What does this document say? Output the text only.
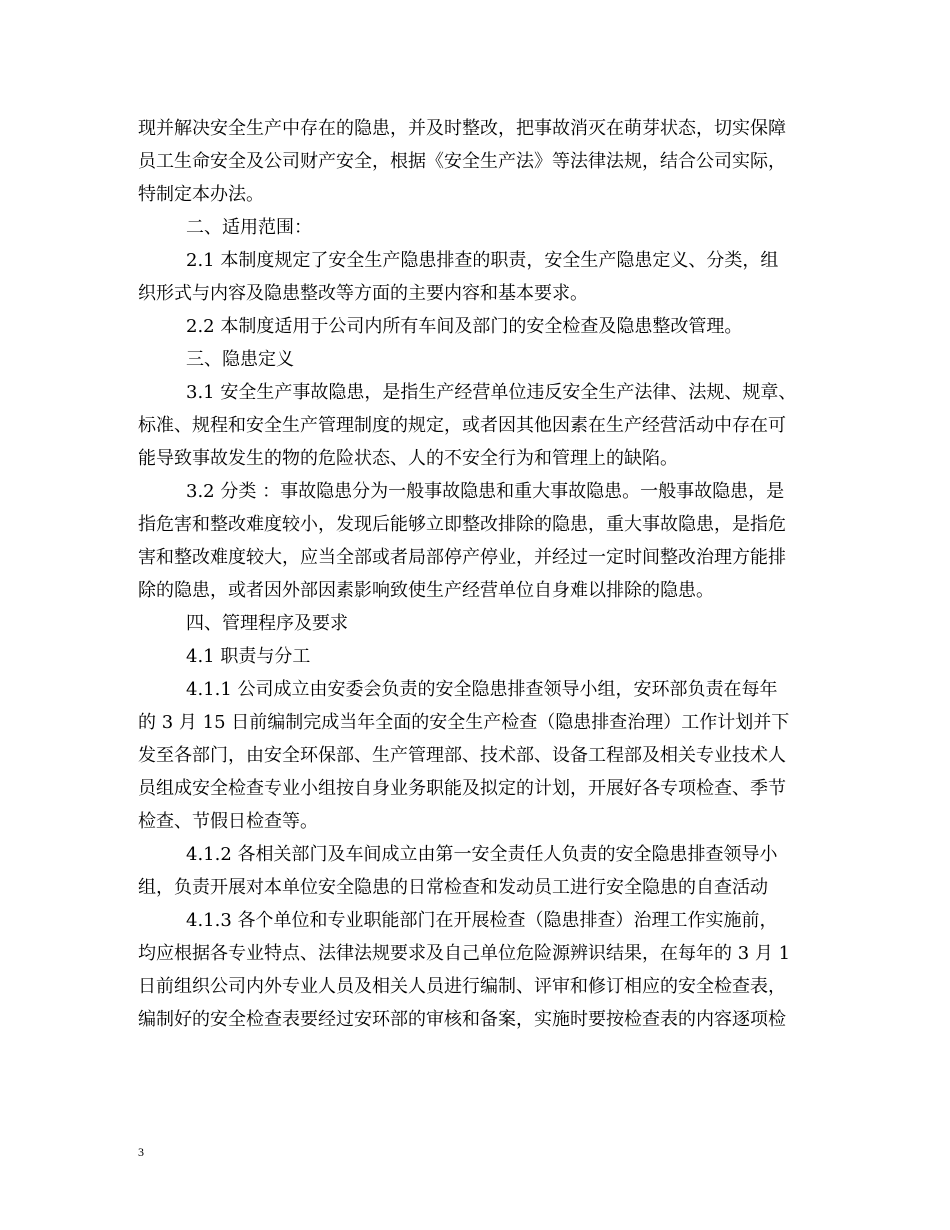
现并解决安全生产中存在的隐患，并及时整改，把事故消灭在萌芽状态，切实保障
员工生命安全及公司财产安全，根据《安全生产法》等法律法规，结合公司实际，
特制定本办法。
二、适用范围：
2.1 本制度规定了安全生产隐患排查的职责，安全生产隐患定义、分类，组
织形式与内容及隐患整改等方面的主要内容和基本要求。
2.2 本制度适用于公司内所有车间及部门的安全检查及隐患整改管理。
三、隐患定义
3.1 安全生产事故隐患，是指生产经营单位违反安全生产法律、法规、规章、
标准、规程和安全生产管理制度的规定，或者因其他因素在生产经营活动中存在可
能导致事故发生的物的危险状态、人的不安全行为和管理上的缺陷。
3.2 分类 ：事故隐患分为一般事故隐患和重大事故隐患。一般事故隐患，是
指危害和整改难度较小，发现后能够立即整改排除的隐患，重大事故隐患，是指危
害和整改难度较大，应当全部或者局部停产停业，并经过一定时间整改治理方能排
除的隐患，或者因外部因素影响致使生产经营单位自身难以排除的隐患。
四、管理程序及要求
4.1 职责与分工
4.1.1 公司成立由安委会负责的安全隐患排查领导小组，安环部负责在每年
的 3 月 15 日前编制完成当年全面的安全生产检查（隐患排查治理）工作计划并下
发至各部门，由安全环保部、生产管理部、技术部、设备工程部及相关专业技术人
员组成安全检查专业小组按自身业务职能及拟定的计划，开展好各专项检查、季节
检查、节假日检查等。
4.1.2 各相关部门及车间成立由第一安全责任人负责的安全隐患排查领导小
组，负责开展对本单位安全隐患的日常检查和发动员工进行安全隐患的自查活动
4.1.3 各个单位和专业职能部门在开展检查（隐患排查）治理工作实施前，
均应根据各专业特点、法律法规要求及自己单位危险源辨识结果，在每年的 3 月 1
日前组织公司内外专业人员及相关人员进行编制、评审和修订相应的安全检查表，
编制好的安全检查表要经过安环部的审核和备案，实施时要按检查表的内容逐项检
3
